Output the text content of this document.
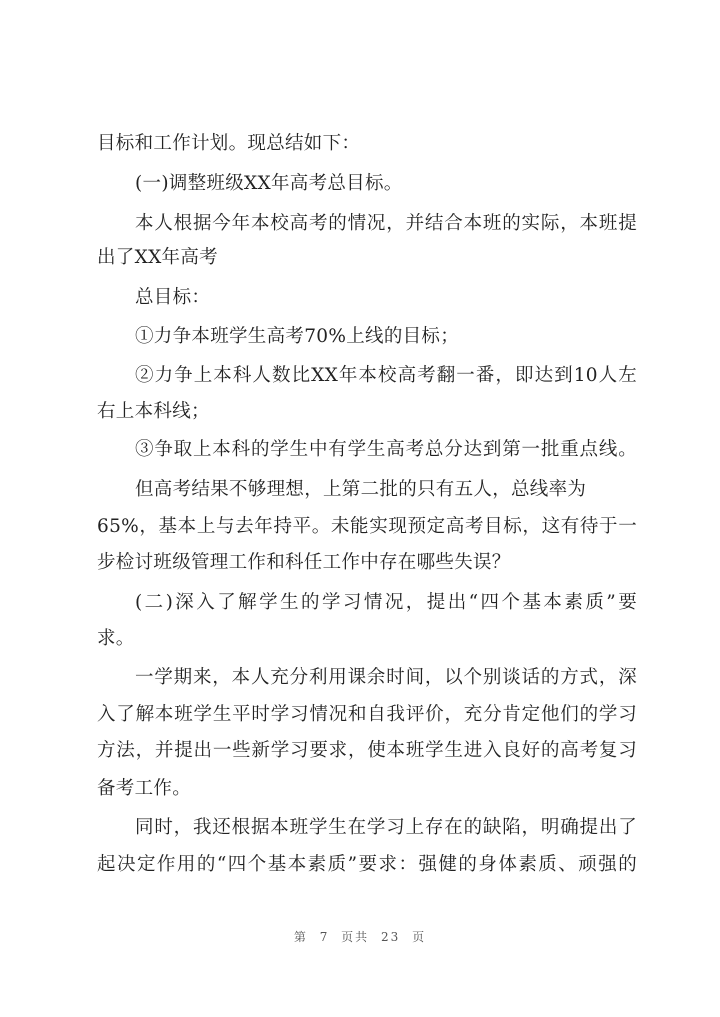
目标和工作计划。现总结如下：
(一)调整班级XX年高考总目标。
本人根据今年本校高考的情况，并结合本班的实际，本班提
出了XX年高考
总目标：
①力争本班学生高考70%上线的目标；
②力争上本科人数比XX年本校高考翻一番，即达到10人左
右上本科线；
③争取上本科的学生中有学生高考总分达到第一批重点线。
但高考结果不够理想，上第二批的只有五人，总线率为
65%，基本上与去年持平。未能实现预定高考目标，这有待于一
步检讨班级管理工作和科任工作中存在哪些失误？
(二)深入了解学生的学习情况，提出“四个基本素质”要
求。
一学期来，本人充分利用课余时间，以个别谈话的方式，深
入了解本班学生平时学习情况和自我评价，充分肯定他们的学习
方法，并提出一些新学习要求，使本班学生进入良好的高考复习
备考工作。
同时，我还根据本班学生在学习上存在的缺陷，明确提出了
起决定作用的“四个基本素质”要求：强健的身体素质、顽强的
第 7 页共 23 页
